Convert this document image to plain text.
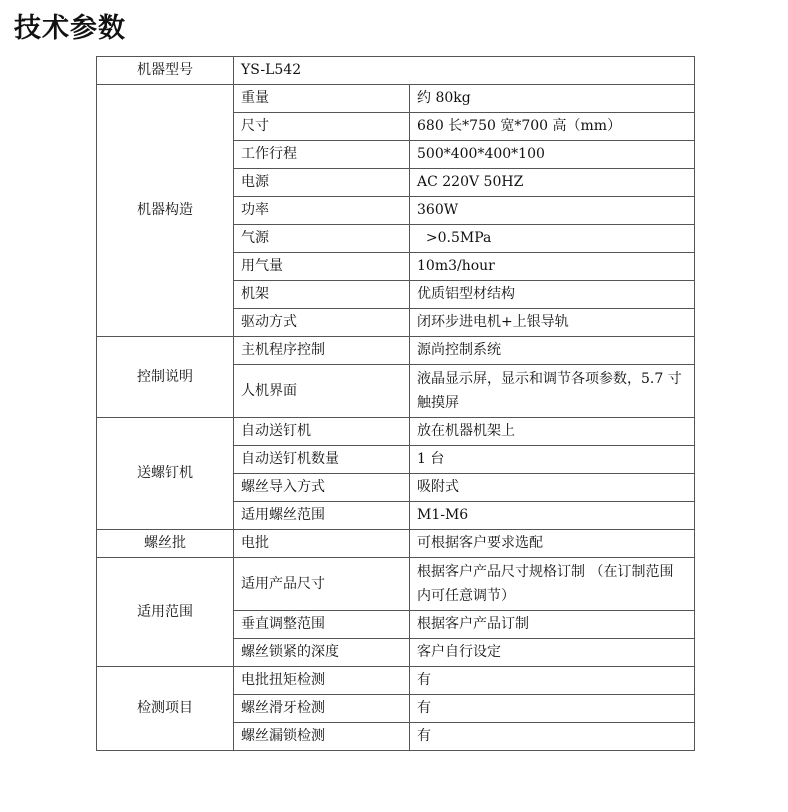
技术参数
机器型号	YS-L542	
机器构造	重量	约 80kg
	尺寸	680 长*750 宽*700 高（mm）
	工作行程	500*400*400*100
	电源	AC 220V 50HZ
	功率	360W
	气源	>0.5MPa
	用气量	10m3/hour
	机架	优质铝型材结构
	驱动方式	闭环步进电机+上银导轨
控制说明	主机程序控制	源尚控制系统
	人机界面	液晶显示屏，显示和调节各项参数，5.7 寸触摸屏
送螺钉机	自动送钉机	放在机器机架上
	自动送钉机数量	1 台
	螺丝导入方式	吸附式
	适用螺丝范围	M1-M6
螺丝批	电批	可根据客户要求选配
适用范围	适用产品尺寸	根据客户产品尺寸规格订制 （在订制范围内可任意调节）
	垂直调整范围	根据客户产品订制
	螺丝锁紧的深度	客户自行设定
检测项目	电批扭矩检测	有
	螺丝滑牙检测	有
	螺丝漏锁检测	有
